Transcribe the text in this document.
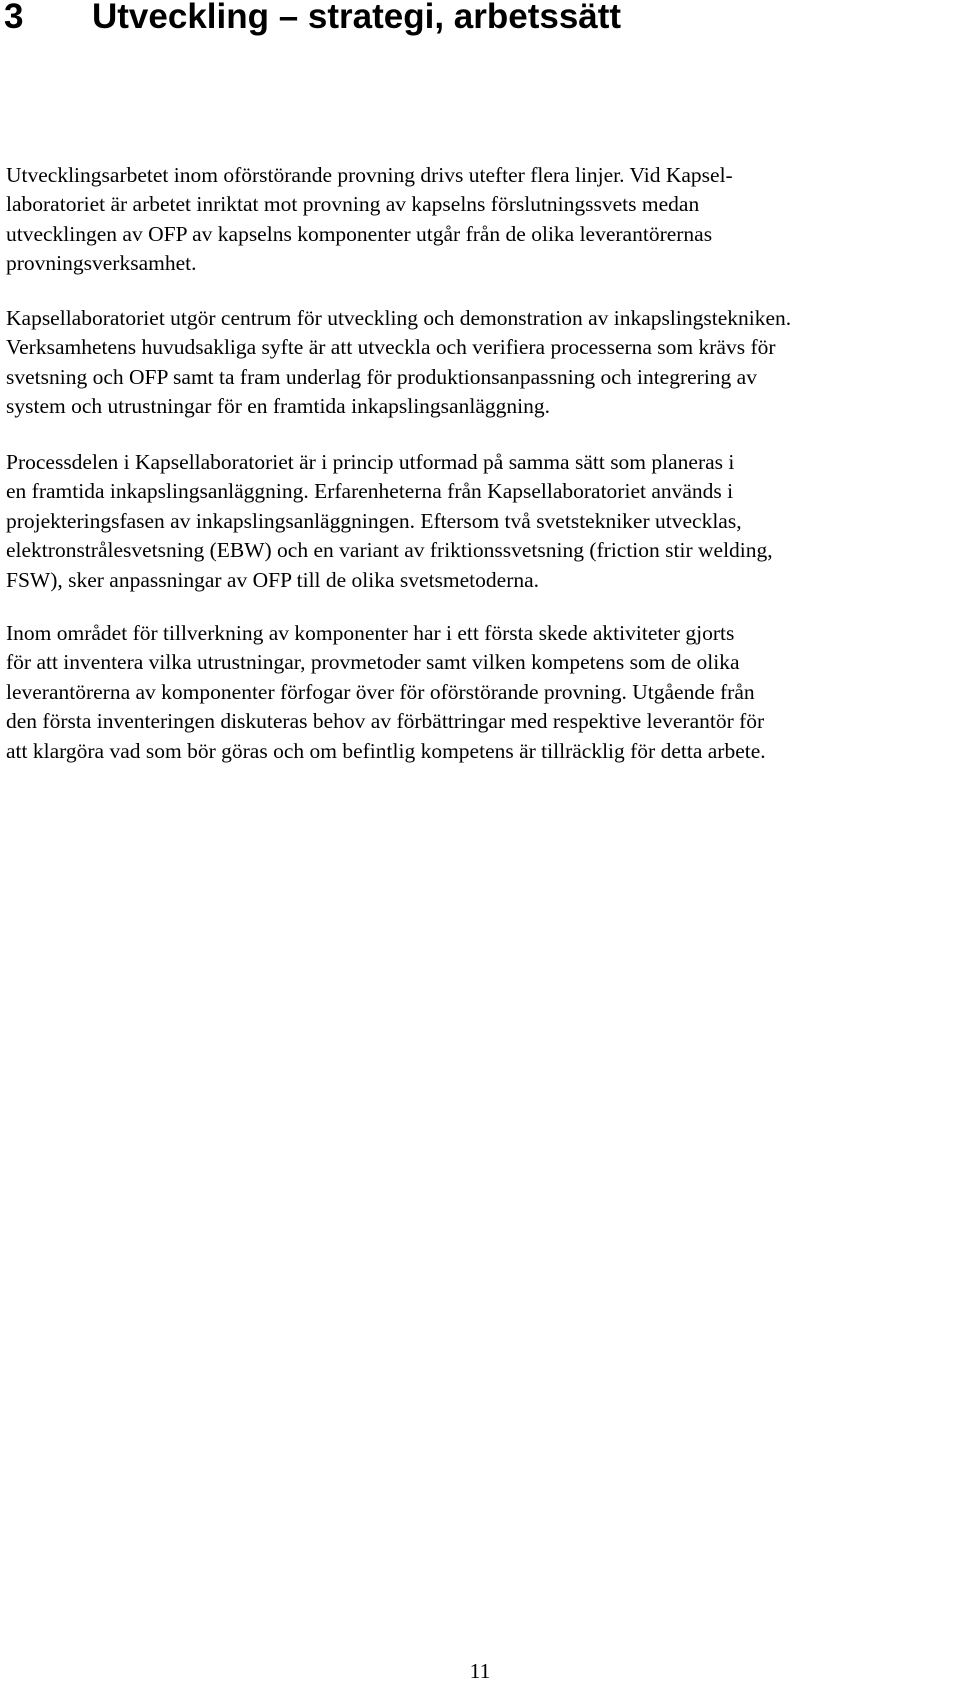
3 Utveckling – strategi, arbetssätt

Utvecklingsarbetet inom oförstörande provning drivs utefter flera linjer. Vid Kapsel-
laboratoriet är arbetet inriktat mot provning av kapselns förslutningssvets medan
utvecklingen av OFP av kapselns komponenter utgår från de olika leverantörernas
provningsverksamhet.

Kapsellaboratoriet utgör centrum för utveckling och demonstration av inkapslingstekniken.
Verksamhetens huvudsakliga syfte är att utveckla och verifiera processerna som krävs för
svetsning och OFP samt ta fram underlag för produktionsanpassning och integrering av
system och utrustningar för en framtida inkapslingsanläggning.

Processdelen i Kapsellaboratoriet är i princip utformad på samma sätt som planeras i
en framtida inkapslingsanläggning. Erfarenheterna från Kapsellaboratoriet används i
projekteringsfasen av inkapslingsanläggningen. Eftersom två svetstekniker utvecklas,
elektronstrålesvetsning (EBW) och en variant av friktionssvetsning (friction stir welding,
FSW), sker anpassningar av OFP till de olika svetsmetoderna.

Inom området för tillverkning av komponenter har i ett första skede aktiviteter gjorts
för att inventera vilka utrustningar, provmetoder samt vilken kompetens som de olika
leverantörerna av komponenter förfogar över för oförstörande provning. Utgående från
den första inventeringen diskuteras behov av förbättringar med respektive leverantör för
att klargöra vad som bör göras och om befintlig kompetens är tillräcklig för detta arbete.

11
